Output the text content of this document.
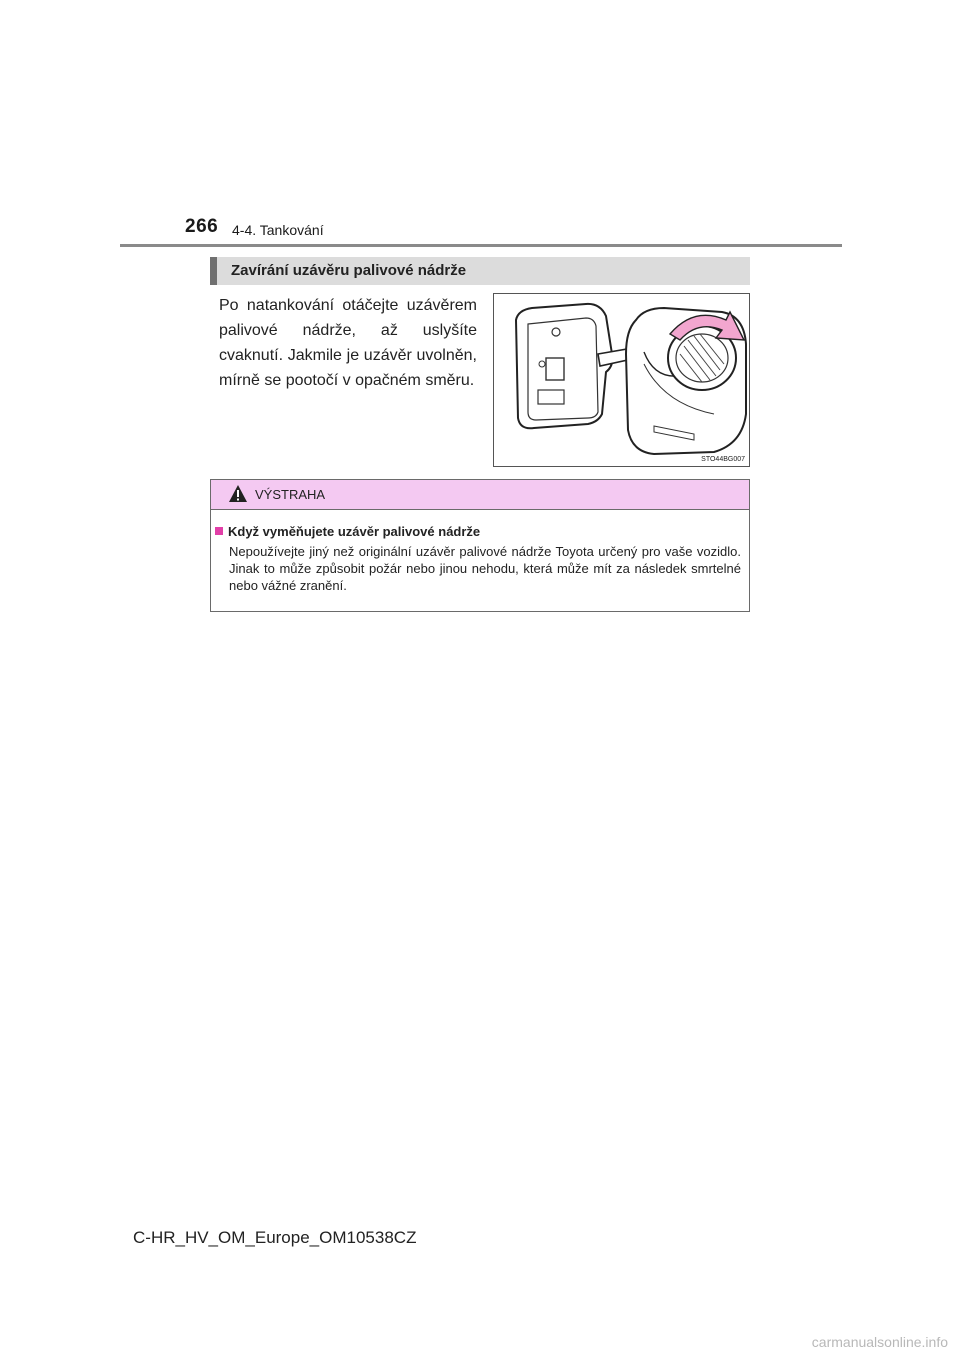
266 4-4. Tankování
Zavírání uzávěru palivové nádrže
Po natankování otáčejte uzávěrem palivové nádrže, až uslyšíte cvaknutí. Jakmile je uzávěr uvolněn, mírně se pootočí v opačném směru.
STO44BG007
VÝSTRAHA
Když vyměňujete uzávěr palivové nádrže
Nepoužívejte jiný než originální uzávěr palivové nádrže Toyota určený pro vaše vozidlo. Jinak to může způsobit požár nebo jinou nehodu, která může mít za následek smrtelné nebo vážné zranění.
C-HR_HV_OM_Europe_OM10538CZ
carmanualsonline.info
